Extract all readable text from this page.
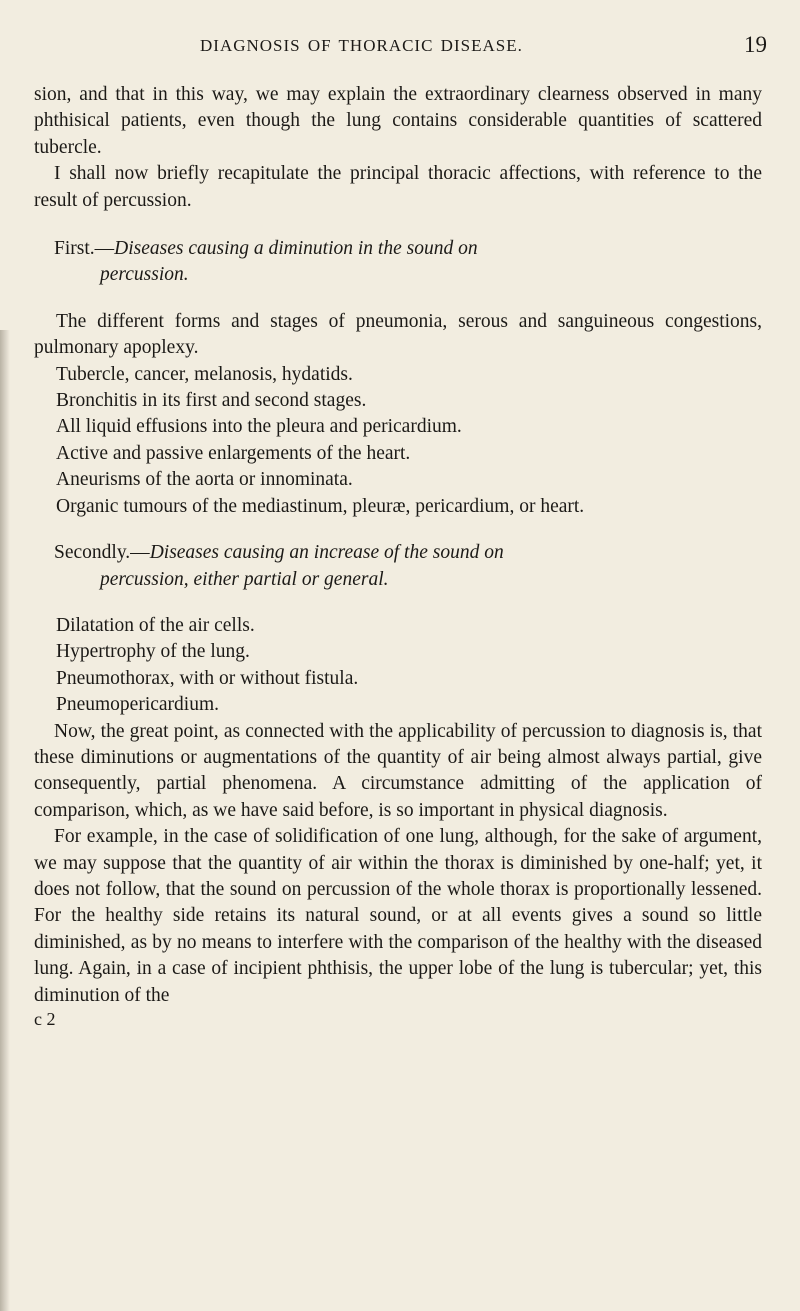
DIAGNOSIS OF THORACIC DISEASE.	19

sion, and that in this way, we may explain the extraordinary clearness observed in many phthisical patients, even though the lung contains considerable quantities of scattered tubercle.

I shall now briefly recapitulate the principal thoracic affections, with reference to the result of percussion.

First.—Diseases causing a diminution in the sound on
percussion.

The different forms and stages of pneumonia, serous and sanguineous congestions, pulmonary apoplexy.

Tubercle, cancer, melanosis, hydatids.

Bronchitis in its first and second stages.

All liquid effusions into the pleura and pericardium.

Active and passive enlargements of the heart.

Aneurisms of the aorta or innominata.

Organic tumours of the mediastinum, pleuræ, pericardium, or heart.

Secondly.—Diseases causing an increase of the sound on
percussion, either partial or general.

Dilatation of the air cells.

Hypertrophy of the lung.

Pneumothorax, with or without fistula.

Pneumopericardium.

Now, the great point, as connected with the applicability of percussion to diagnosis is, that these diminutions or augmentations of the quantity of air being almost always partial, give consequently, partial phenomena. A circumstance admitting of the application of comparison, which, as we have said before, is so important in physical diagnosis.

For example, in the case of solidification of one lung, although, for the sake of argument, we may suppose that the quantity of air within the thorax is diminished by one-half; yet, it does not follow, that the sound on percussion of the whole thorax is proportionally lessened. For the healthy side retains its natural sound, or at all events gives a sound so little diminished, as by no means to interfere with the comparison of the healthy with the diseased lung. Again, in a case of incipient phthisis, the upper lobe of the lung is tubercular; yet, this diminution of the

c 2
